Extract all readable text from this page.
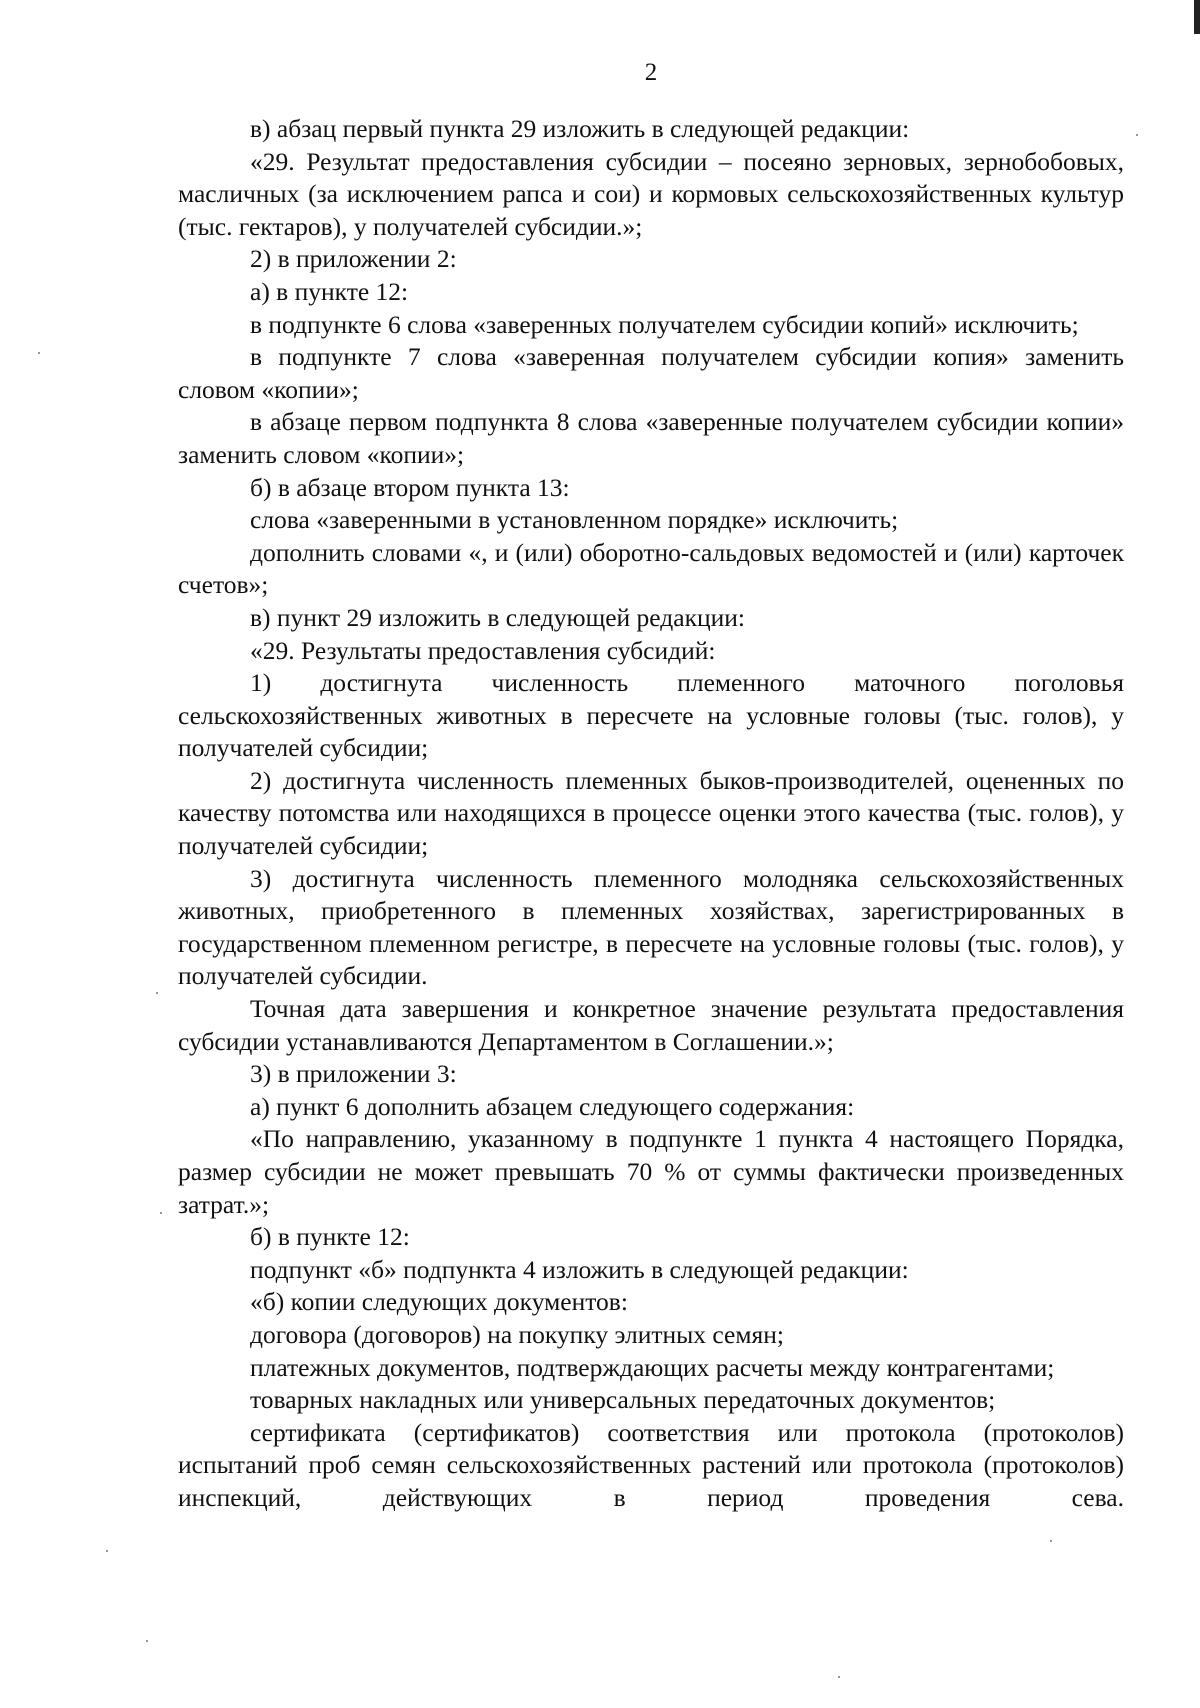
2

в) абзац первый пункта 29 изложить в следующей редакции:

«29. Результат предоставления субсидии – посеяно зерновых, зернобобовых, масличных (за исключением рапса и сои) и кормовых сельскохозяйственных культур (тыс. гектаров), у получателей субсидии.»;

2) в приложении 2:

а) в пункте 12:

в подпункте 6 слова «заверенных получателем субсидии копий» исключить;

в подпункте 7 слова «заверенная получателем субсидии копия» заменить словом «копии»;

в абзаце первом подпункта 8 слова «заверенные получателем субсидии копии» заменить словом «копии»;

б) в абзаце втором пункта 13:

слова «заверенными в установленном порядке» исключить;

дополнить словами «, и (или) оборотно-сальдовых ведомостей и (или) карточек счетов»;

в) пункт 29 изложить в следующей редакции:

«29. Результаты предоставления субсидий:

1) достигнута численность племенного маточного поголовья сельскохозяйственных животных в пересчете на условные головы (тыс. голов), у получателей субсидии;

2) достигнута численность племенных быков-производителей, оцененных по качеству потомства или находящихся в процессе оценки этого качества (тыс. голов), у получателей субсидии;

3) достигнута численность племенного молодняка сельскохозяйственных животных, приобретенного в племенных хозяйствах, зарегистрированных в государственном племенном регистре, в пересчете на условные головы (тыс. голов), у получателей субсидии.

Точная дата завершения и конкретное значение результата предоставления субсидии устанавливаются Департаментом в Соглашении.»;

3) в приложении 3:

а) пункт 6 дополнить абзацем следующего содержания:

«По направлению, указанному в подпункте 1 пункта 4 настоящего Порядка, размер субсидии не может превышать 70 % от суммы фактически произведенных затрат.»;

б) в пункте 12:

подпункт «б» подпункта 4 изложить в следующей редакции:

«б) копии следующих документов:

договора (договоров) на покупку элитных семян;

платежных документов, подтверждающих расчеты между контрагентами;

товарных накладных или универсальных передаточных документов;

сертификата (сертификатов) соответствия или протокола (протоколов) испытаний проб семян сельскохозяйственных растений или протокола (протоколов) инспекций, действующих в период проведения сева.
